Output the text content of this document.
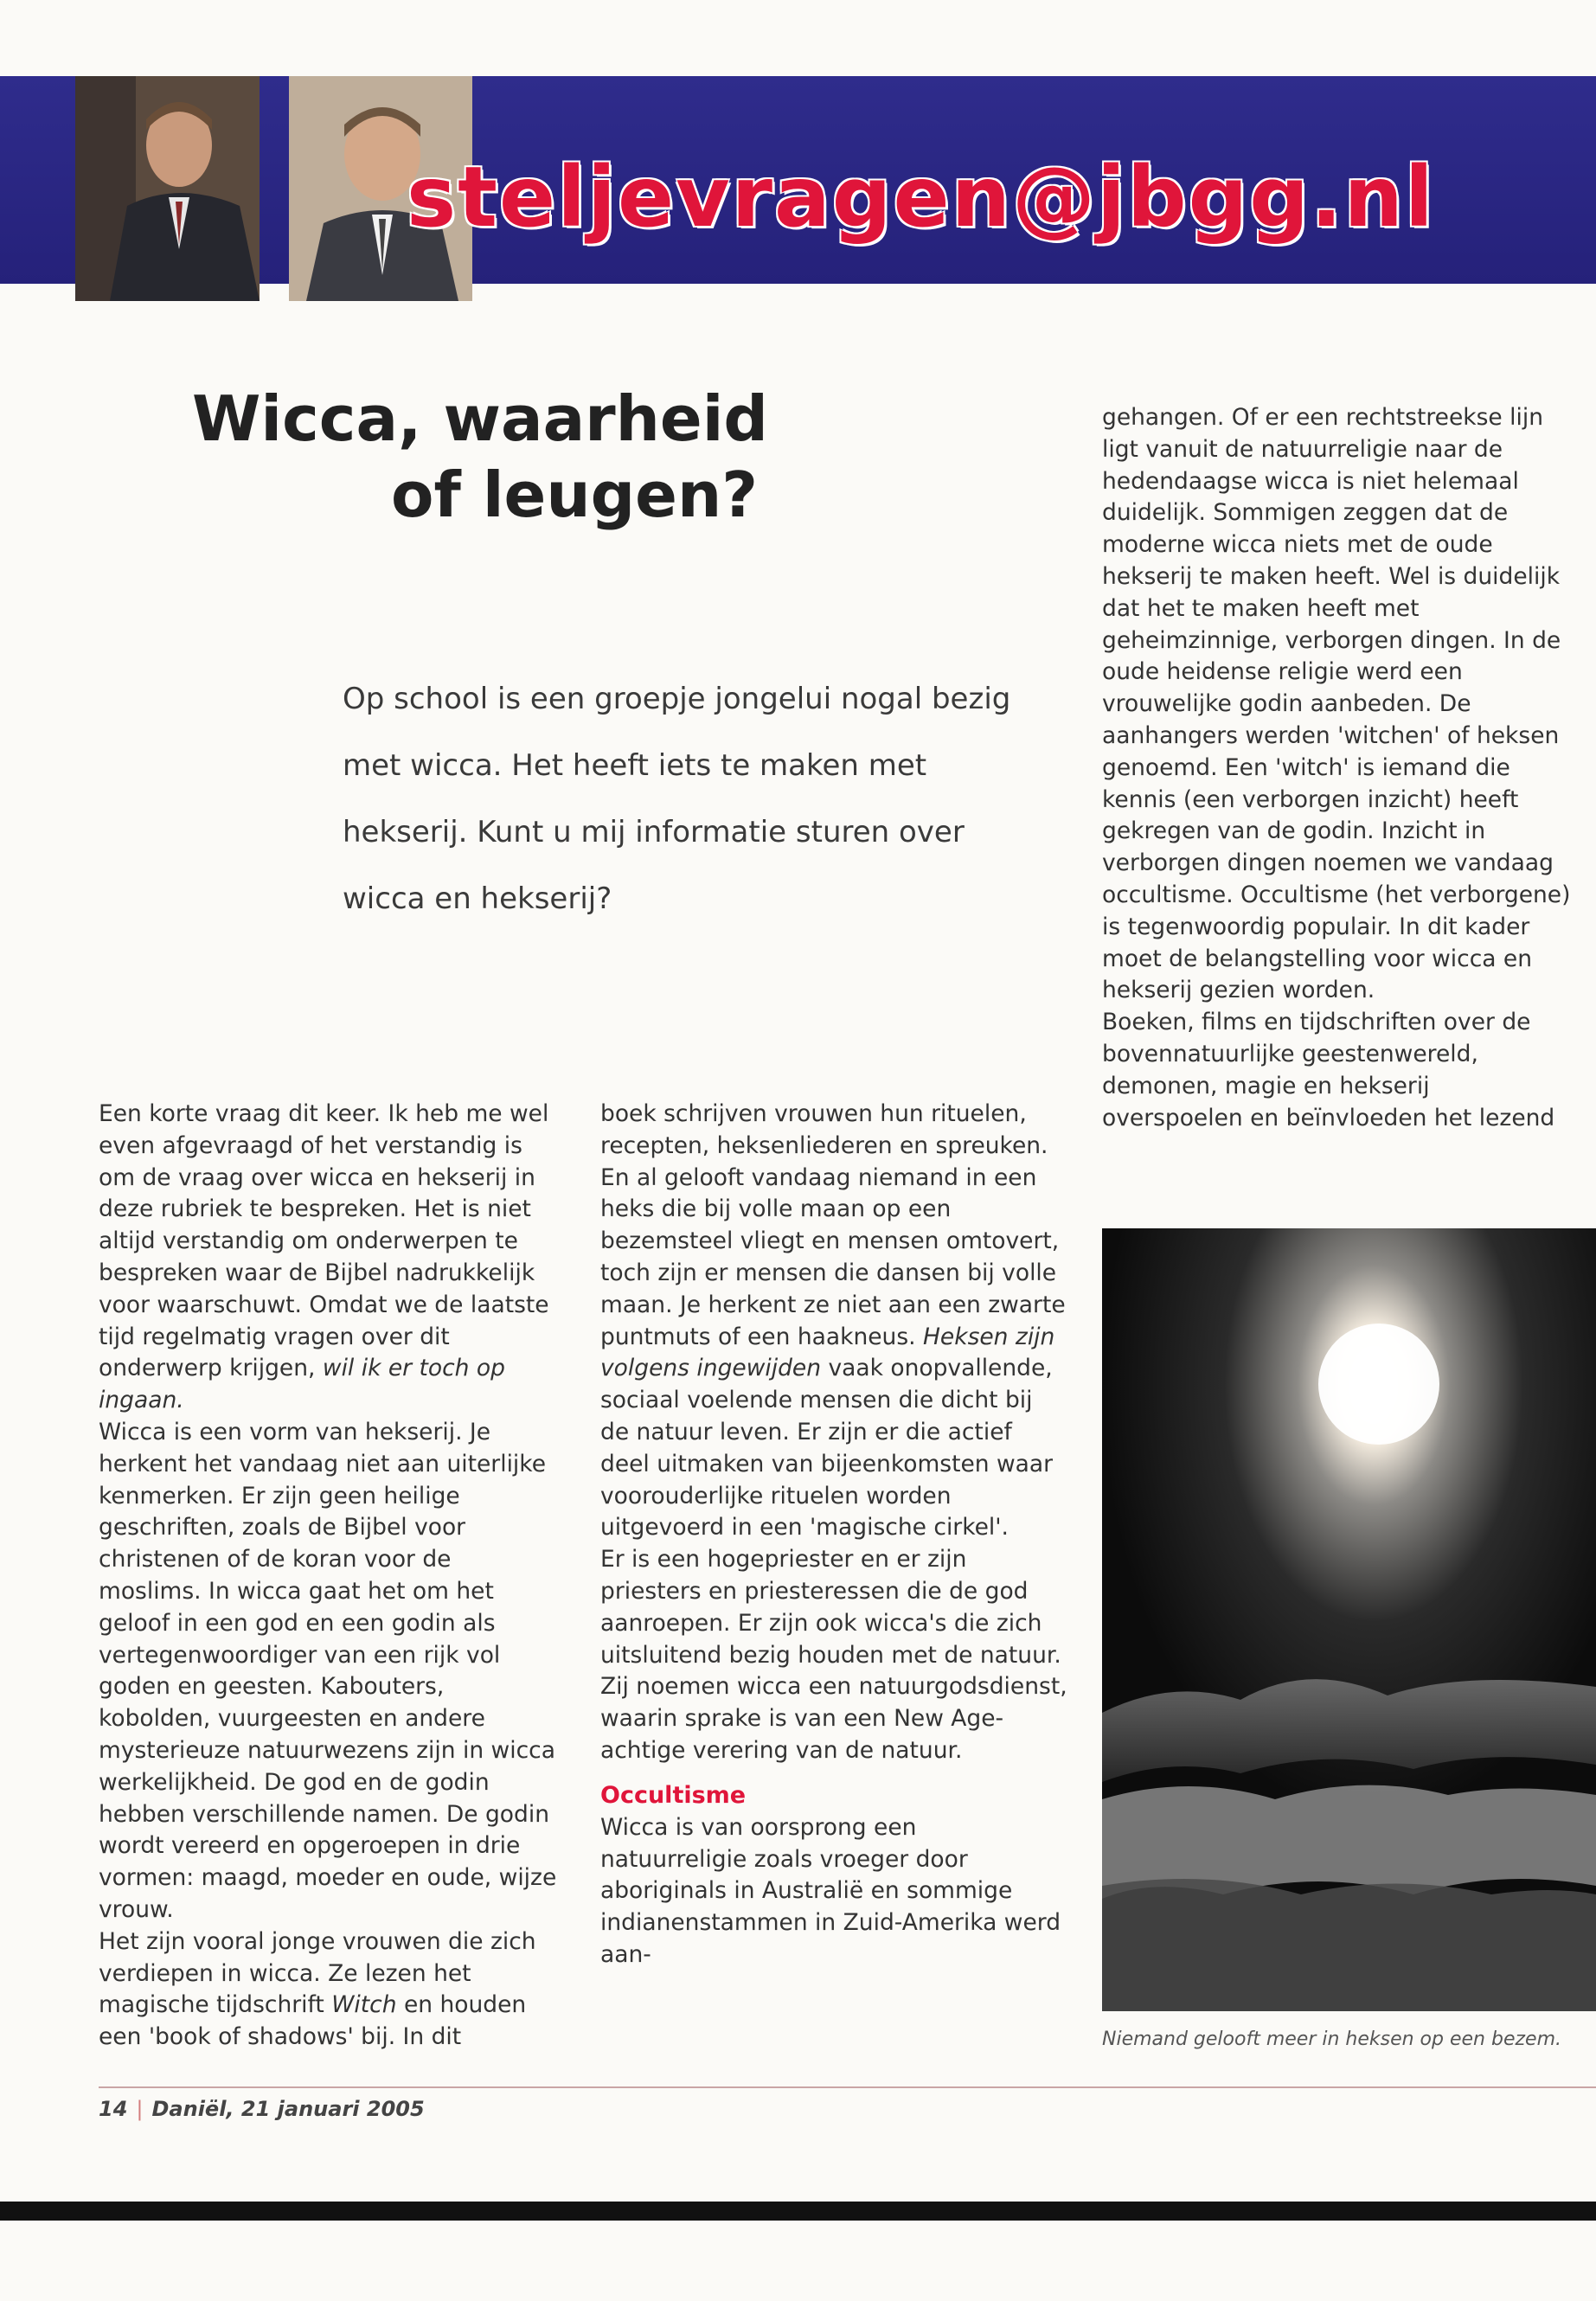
steljevragen@jbgg.nl
Wicca, waarheid
of leugen?
Op school is een groepje jongelui nogal bezig met wicca. Het heeft iets te maken met hekserij. Kunt u mij informatie sturen over wicca en hekserij?

Een korte vraag dit keer. Ik heb me wel even afgevraagd of het verstandig is om de vraag over wicca en hekserij in deze rubriek te bespreken. Het is niet altijd verstandig om onderwerpen te bespreken waar de Bijbel nadrukkelijk voor waarschuwt. Omdat we de laatste tijd regelmatig vragen over dit onderwerp krijgen, wil ik er toch op ingaan.

Wicca is een vorm van hekserij. Je herkent het vandaag niet aan uiterlijke kenmerken. Er zijn geen heilige geschriften, zoals de Bijbel voor christenen of de koran voor de moslims. In wicca gaat het om het geloof in een god en een godin als vertegenwoordiger van een rijk vol goden en geesten. Kabouters, kobolden, vuurgeesten en andere mysterieuze natuurwezens zijn in wicca werkelijkheid. De god en de godin hebben verschillende namen. De godin wordt vereerd en opgeroepen in drie vormen: maagd, moeder en oude, wijze vrouw.

Het zijn vooral jonge vrouwen die zich verdiepen in wicca. Ze lezen het magische tijdschrift Witch en houden een 'book of shadows' bij. In dit

boek schrijven vrouwen hun rituelen, recepten, heksenliederen en spreuken.

En al gelooft vandaag niemand in een heks die bij volle maan op een bezemsteel vliegt en mensen omtovert, toch zijn er mensen die dansen bij volle maan. Je herkent ze niet aan een zwarte puntmuts of een haakneus. Heksen zijn volgens ingewijden vaak onopvallende, sociaal voelende mensen die dicht bij de natuur leven. Er zijn er die actief deel uitmaken van bijeenkomsten waar voorouderlijke rituelen worden uitgevoerd in een 'magische cirkel'.

Er is een hogepriester en er zijn priesters en priesteressen die de god aanroepen. Er zijn ook wicca's die zich uitsluitend bezig houden met de natuur. Zij noemen wicca een natuurgodsdienst, waarin sprake is van een New Age-achtige verering van de natuur.

Occultisme

Wicca is van oorsprong een natuurreligie zoals vroeger door aboriginals in Australië en sommige indianenstammen in Zuid-Amerika werd aan-

gehangen. Of er een rechtstreekse lijn ligt vanuit de natuurreligie naar de hedendaagse wicca is niet helemaal duidelijk. Sommigen zeggen dat de moderne wicca niets met de oude hekserij te maken heeft. Wel is duidelijk dat het te maken heeft met geheimzinnige, verborgen dingen. In de oude heidense religie werd een vrouwelijke godin aanbeden. De aanhangers werden 'witchen' of heksen genoemd. Een 'witch' is iemand die kennis (een verborgen inzicht) heeft gekregen van de godin. Inzicht in verborgen dingen noemen we vandaag occultisme. Occultisme (het verborgene) is tegenwoordig populair. In dit kader moet de belangstelling voor wicca en hekserij gezien worden.

Boeken, films en tijdschriften over de bovennatuurlijke geestenwereld, demonen, magie en hekserij overspoelen en beïnvloeden het lezend

Niemand gelooft meer in heksen op een bezem.
14 | Daniël, 21 januari 2005
